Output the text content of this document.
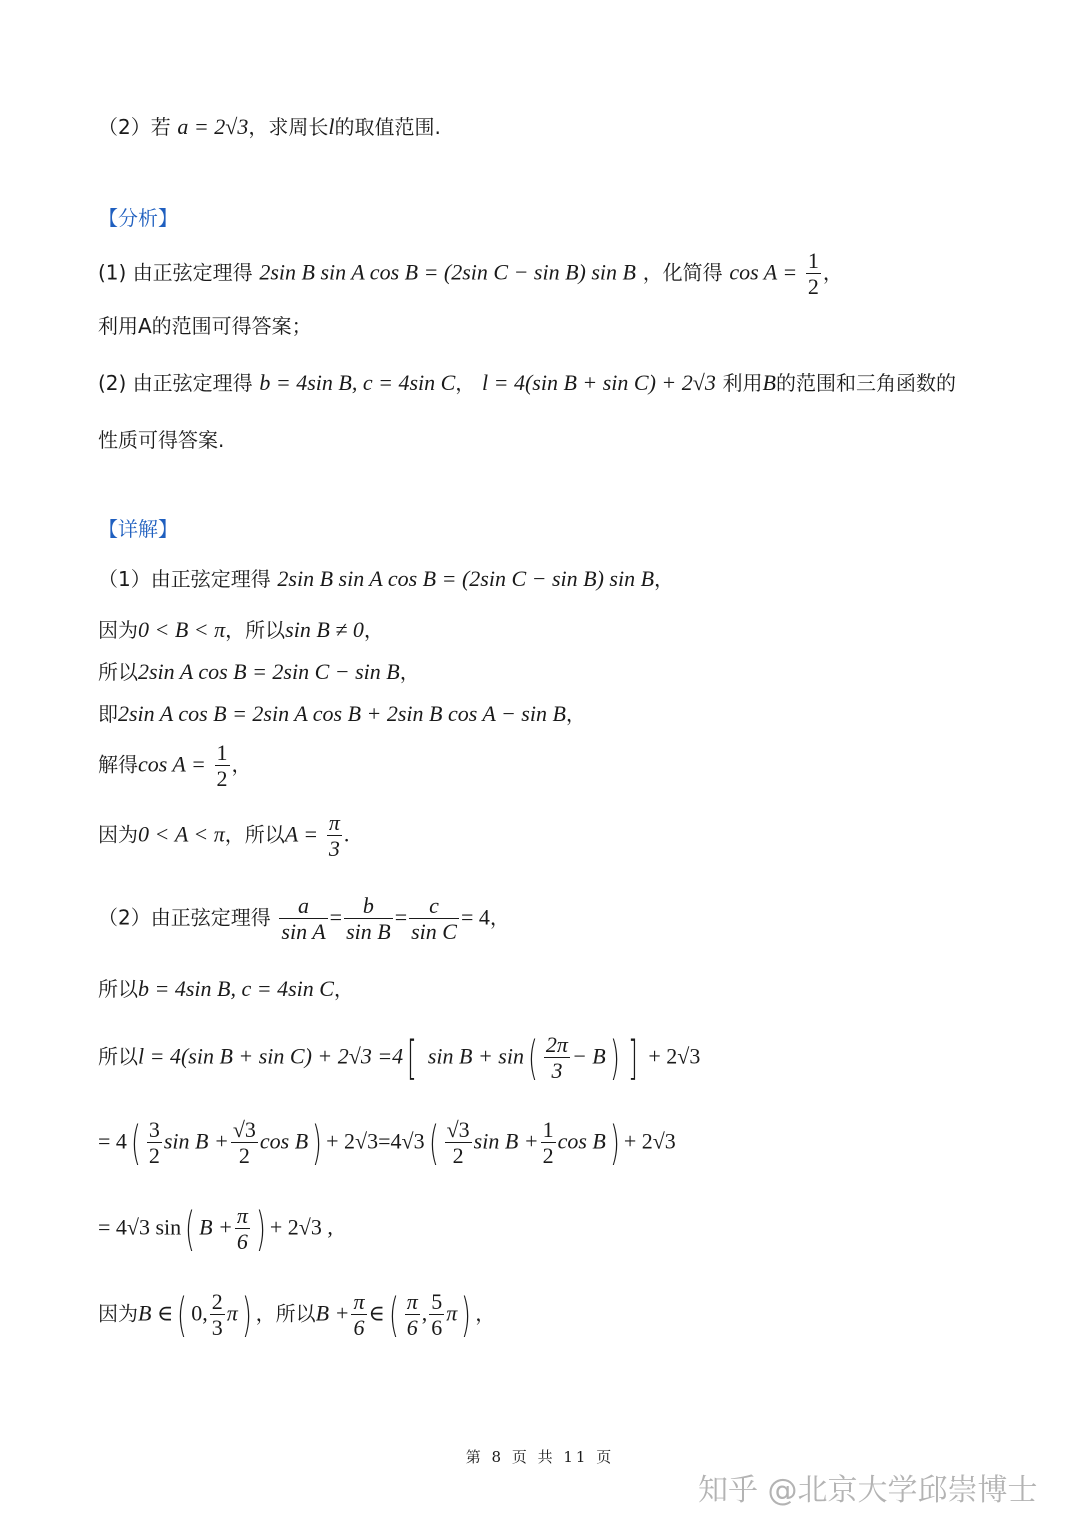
（2）若 a = 2√3，求周长l的取值范围.
【分析】
(1) 由正弦定理得 2sin B sin A cos B = (2sin C − sin B) sin B ，化简得 $\cos A = \frac{1}{2}$ ，
利用A的范围可得答案；
(2) 由正弦定理得 b = 4sin B, c = 4sin C， l = 4(sin B + sin C) + 2√3 利用B的范围和三角函数的
性质可得答案.
【详解】
（1）由正弦定理得 2sin B sin A cos B = (2sin C − sin B) sin B，
因为0 < B < π，所以sin B ≠ 0，
所以2sin A cos B = 2sin C − sin B，
即2sin A cos B = 2sin A cos B + 2sin B cos A − sin B，
解得$\cos A = \frac{1}{2}$ ，
因为0 < A < π，所以$A = \frac{\pi}{3}$ .
（2）由正弦定理得 $\frac{a}{\text{sin A}} = \frac{b}{\text{sin B}} = \frac{c}{\text{sin C}} = 4$，
所以b = 4sin B, c = 4sin C，
所以l = 4(sin B + sin C) + 2√3 =4[ $\sin B + \sin( \frac{2\pi}{3} - B)$ ] + 2√3
= $4( \frac{3}{2}$ $\sin B + \frac{√3}{2}$ $\cos B) + 2√3=4√3( \frac{√3}{2}$ $\sin B + \frac{1}{2}$ cos B) + 2√3
= 4√3 sin( $B + \frac{\pi}{6}$ ) + 2√3 ,
因为B ∈( 0, $\frac{2}{3} \pi$) ，所以$B + \frac{\pi}{6}$ ∈( $\frac{\pi}{6}$ , $\frac{5}{6} \pi$) ，
第 8 页 共 11 页
知乎 @北京大学邱崇博士
